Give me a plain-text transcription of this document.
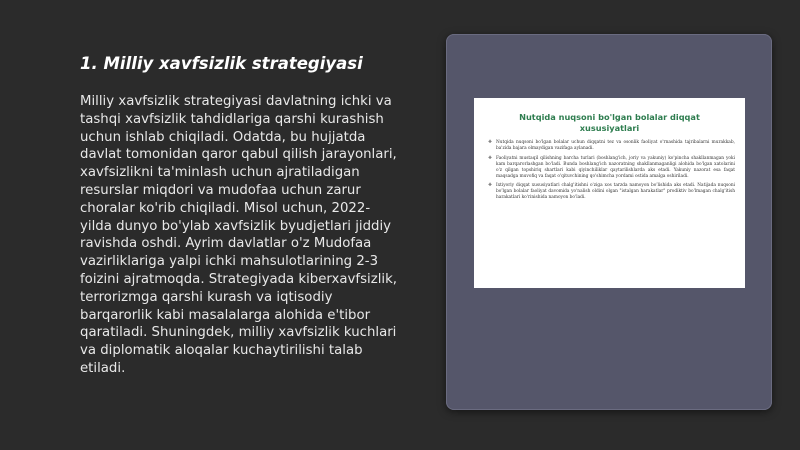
1. Milliy xavfsizlik strategiyasi

Milliy xavfsizlik strategiyasi davlatning ichki va tashqi xavfsizlik tahdidlariga qarshi kurashish uchun ishlab chiqiladi. Odatda, bu hujjatda davlat tomonidan qaror qabul qilish jarayonlari, xavfsizlikni ta'minlash uchun ajratiladigan resurslar miqdori va mudofaa uchun zarur choralar ko'rib chiqiladi. Misol uchun, 2022-yilda dunyo bo'ylab xavfsizlik byudjetlari jiddiy ravishda oshdi. Ayrim davlatlar o'z Mudofaa vazirliklariga yalpi ichki mahsulotlarining 2-3 foizini ajratmoqda. Strategiyada kiberxavfsizlik, terrorizmga qarshi kurash va iqtisodiy barqarorlik kabi masalalarga alohida e'tibor qaratiladi. Shuningdek, milliy xavfsizlik kuchlari va diplomatik aloqalar kuchaytirilishi talab etiladi.

Nutqida nuqsoni bo'lgan bolalar diqqat xususiyatlari
❖ Nutqida nuqsoni bo'lgan bolalar uchun diqqatni tez va osonlik faoliyat o'rnashida tajribalarni murakkab, ba'zida bajara olmaydigan vazifaga aylanadi.
❖ Faoliyatni mustaqil qilishning barcha turlari (boshlang'ich, joriy va yakuniy) ko'pincha shakllanmagan yoki kam barqarorlashgan bo'ladi. Bunda boshlang'ich nazoratning shakllanmaganligi alohida bo'lgan xatolarini o'z qilgan topshiriq shartlari kabi qiyinchiliklar qaytarilishlarda aks etadi. Yakuniy nazorat esa faqat maqsadga muvofiq va faqat o'qituvchining qo'shimcha yordami ostida amalga oshiriladi.
❖ Ixtiyoriy diqqat xususiyatlari chalg'itishni o'ziga xos tarzda namoyon bo'lishida aks etadi. Natijada nuqsoni bo'lgan bolalar faoliyat davomida yo'nalish oldini olgan "istalgan harakatlar" prodiktiv bo'lmagan chalg'itish harakatlari ko'rinishida namoyon bo'ladi.
